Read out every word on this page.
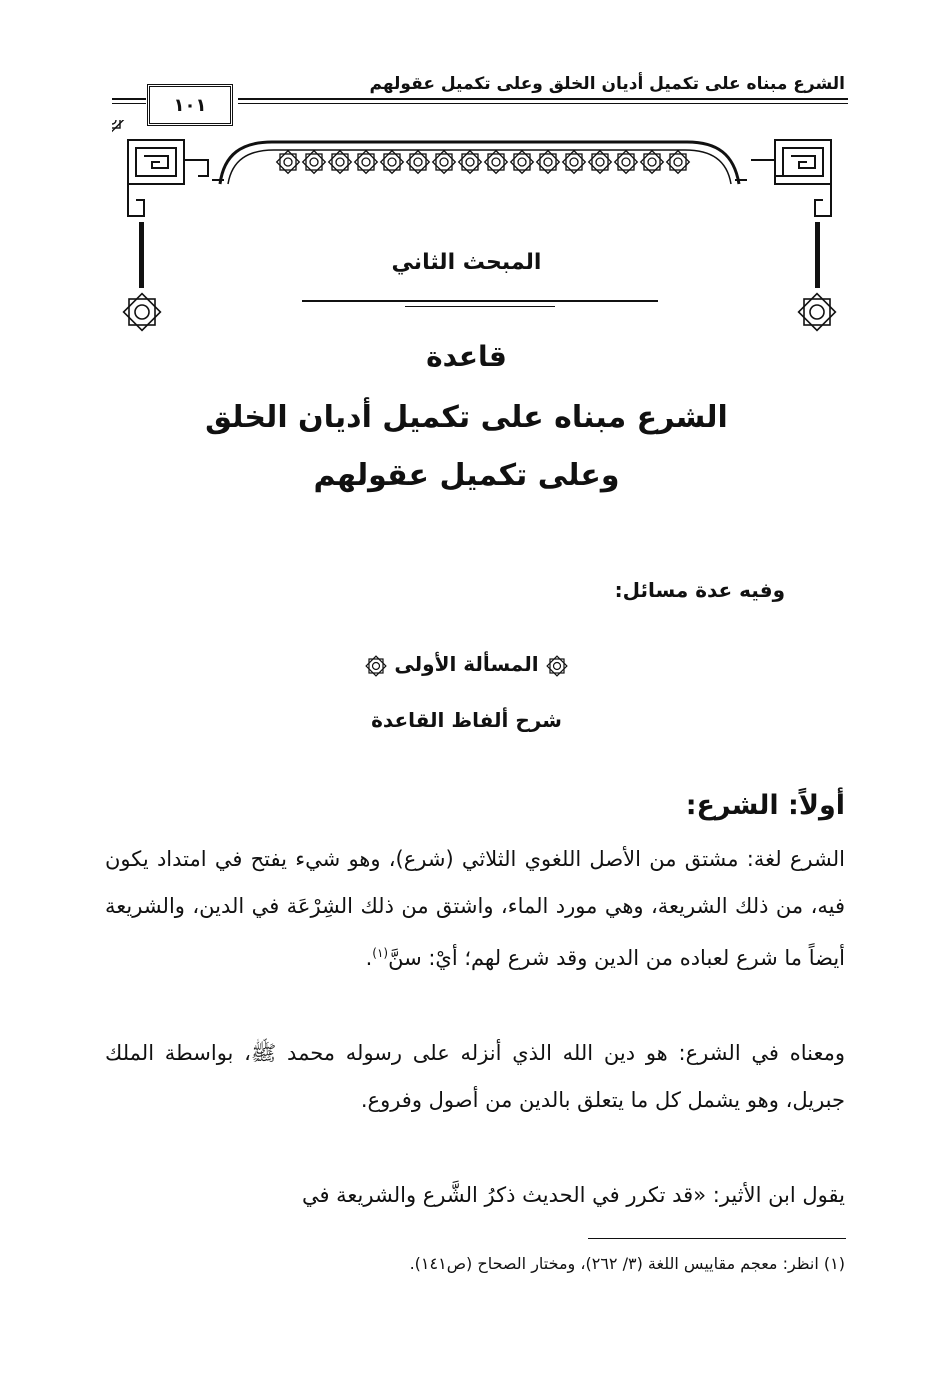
الشرع مبناه على تكميل أديان الخلق وعلى تكميل عقولهم
١٠١
المبحث الثاني
قاعدة
الشرع مبناه على تكميل أديان الخلق
وعلى تكميل عقولهم
وفيه عدة مسائل:
المسألة الأولى
شرح ألفاظ القاعدة
أولاً: الشرع:
الشرع لغة: مشتق من الأصل اللغوي الثلاثي (شرع)، وهو شيء يفتح في امتداد يكون فيه، من ذلك الشريعة، وهي مورد الماء، واشتق من ذلك الشِرْعَة في الدين، والشريعة أيضاً ما شرع لعباده من الدين وقد شرع لهم؛ أيْ: سنَّ$^{(١)}$.
ومعناه في الشرع: هو دين الله الذي أنزله على رسوله محمد ﷺ، بواسطة الملك جبريل، وهو يشمل كل ما يتعلق بالدين من أصول وفروع.
يقول ابن الأثير: «قد تكرر في الحديث ذكرُ الشَّرع والشريعة في
(١) انظر: معجم مقاييس اللغة (٣/ ٢٦٢)، ومختار الصحاح (ص١٤١).
